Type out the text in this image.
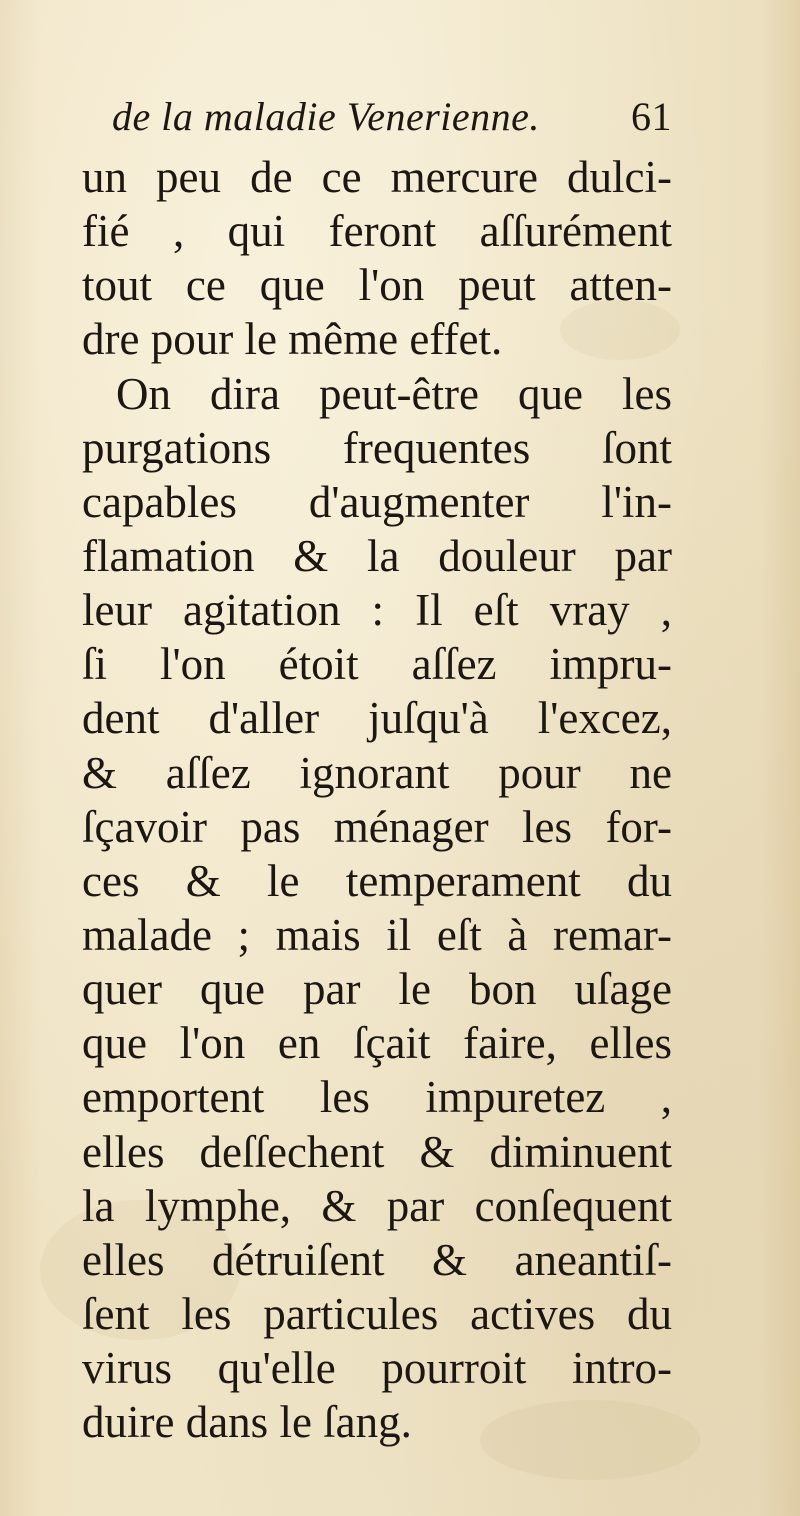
de la maladie Venerienne. 61
un peu de ce mercure dulci-
fié , qui feront aſſurément
tout ce que l'on peut atten-
dre pour le même effet.
On dira peut-être que les
purgations frequentes ſont
capables d'augmenter l'in-
flamation & la douleur par
leur agitation : Il eſt vray ,
ſi l'on étoit aſſez impru-
dent d'aller juſqu'à l'excez,
& aſſez ignorant pour ne
ſçavoir pas ménager les for-
ces & le temperament du
malade ; mais il eſt à remar-
quer que par le bon uſage
que l'on en ſçait faire, elles
emportent les impuretez ,
elles deſſechent & diminuent
la lymphe, & par conſequent
elles détruiſent & aneantiſ-
ſent les particules actives du
virus qu'elle pourroit intro-
duire dans le ſang.
